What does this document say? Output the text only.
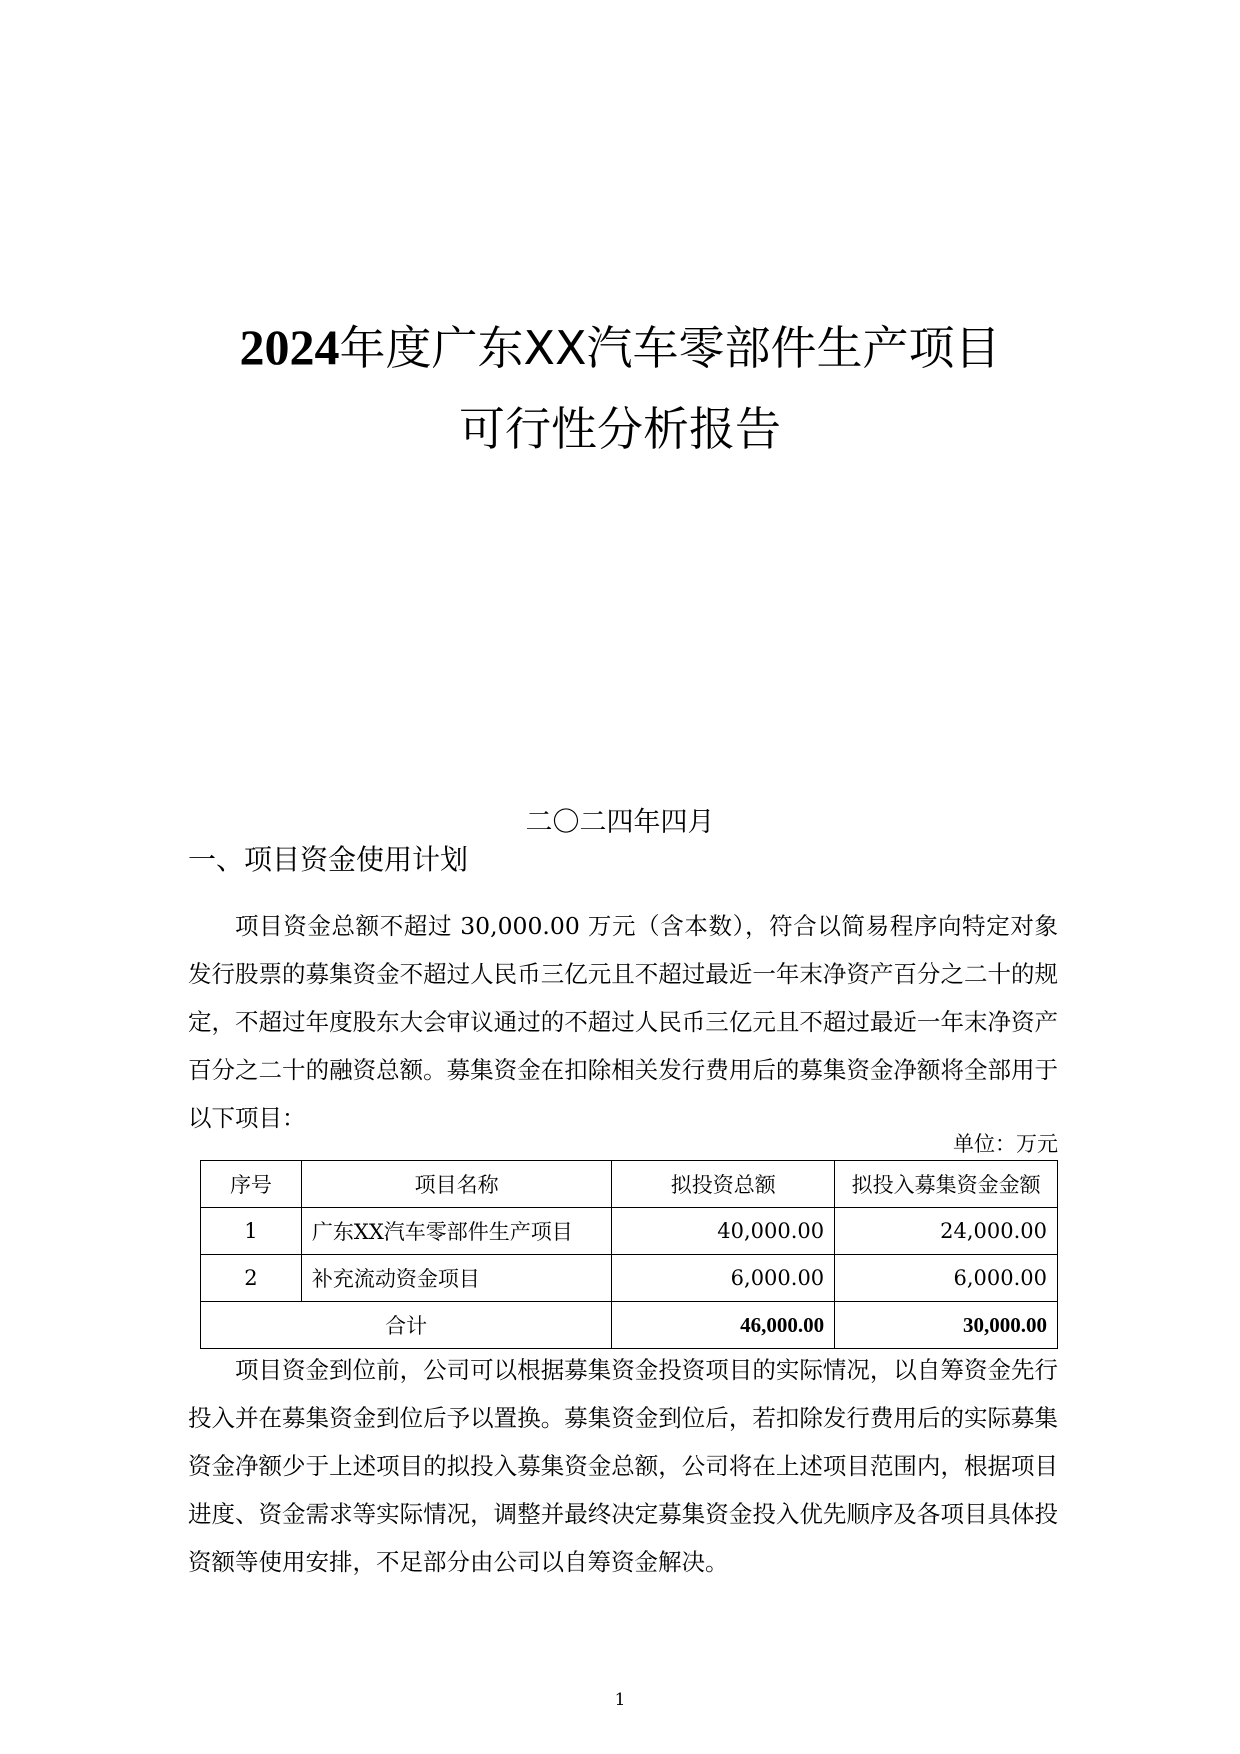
2024年度广东XX汽车零部件生产项目
可行性分析报告
二〇二四年四月
一、项目资金使用计划

项目资金总额不超过 30,000.00 万元（含本数），符合以简易程序向特定对象发行股票的募集资金不超过人民币三亿元且不超过最近一年末净资产百分之二十的规定，不超过年度股东大会审议通过的不超过人民币三亿元且不超过最近一年末净资产百分之二十的融资总额。募集资金在扣除相关发行费用后的募集资金净额将全部用于以下项目：

单位：万元
序号	项目名称	拟投资总额	拟投入募集资金金额
1	广东XX汽车零部件生产项目	40,000.00	24,000.00
2	补充流动资金项目	6,000.00	6,000.00
合计		46,000.00	30,000.00

项目资金到位前，公司可以根据募集资金投资项目的实际情况，以自筹资金先行投入并在募集资金到位后予以置换。募集资金到位后，若扣除发行费用后的实际募集资金净额少于上述项目的拟投入募集资金总额，公司将在上述项目范围内，根据项目进度、资金需求等实际情况，调整并最终决定募集资金投入优先顺序及各项目具体投资额等使用安排，不足部分由公司以自筹资金解决。

1
